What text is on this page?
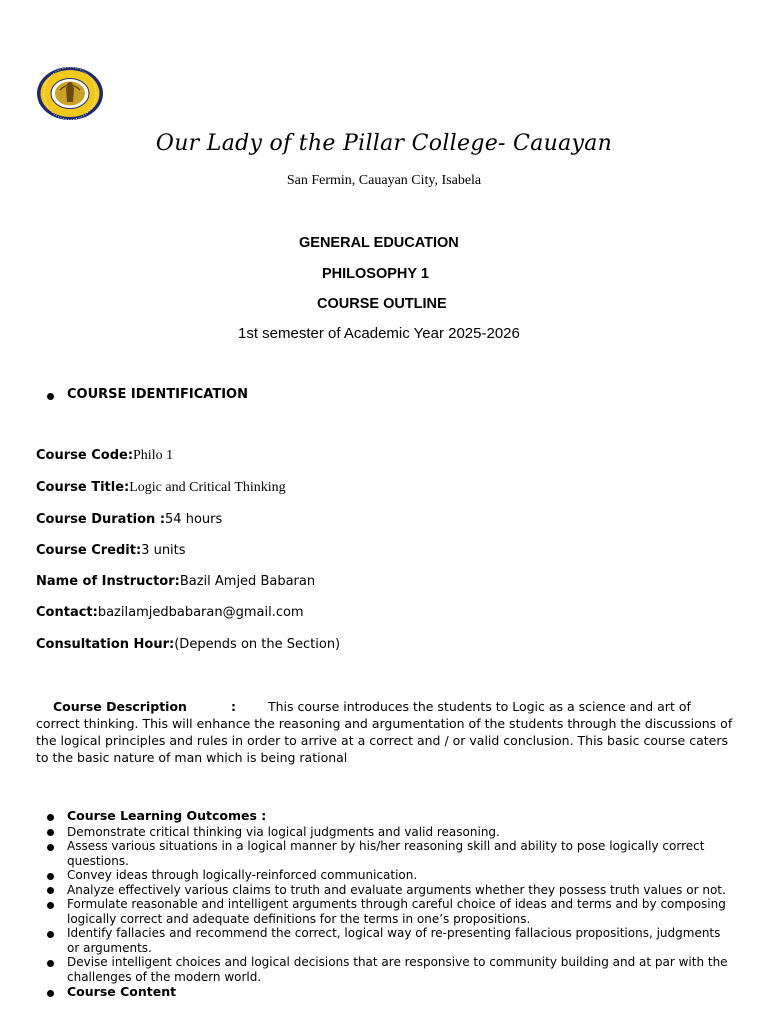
Our Lady of the Pillar College- Cauayan
San Fermin, Cauayan City, Isabela
GENERAL EDUCATION
PHILOSOPHY 1
COURSE OUTLINE
1st semester of Academic Year 2025-2026
COURSE IDENTIFICATION
Course Code:Philo 1
Course Title:Logic and Critical Thinking
Course Duration :54 hours
Course Credit:3 units
Name of Instructor:Bazil Amjed Babaran
Contact:bazilamjedbabaran@gmail.com
Consultation Hour:(Depends on the Section)
Course Description	:	This course introduces the students to Logic as a science and art of correct thinking. This will enhance the reasoning and argumentation of the students through the discussions of the logical principles and rules in order to arrive at a correct and / or valid conclusion. This basic course caters to the basic nature of man which is being rational
Course Learning Outcomes :
Demonstrate critical thinking via logical judgments and valid reasoning.
Assess various situations in a logical manner by his/her reasoning skill and ability to pose logically correct questions.
Convey ideas through logically-reinforced communication.
Analyze effectively various claims to truth and evaluate arguments whether they possess truth values or not.
Formulate reasonable and intelligent arguments through careful choice of ideas and terms and by composing logically correct and adequate definitions for the terms in one’s propositions.
Identify fallacies and recommend the correct, logical way of re-presenting fallacious propositions, judgments or arguments.
Devise intelligent choices and logical decisions that are responsive to community building and at par with the challenges of the modern world.
Course Content
